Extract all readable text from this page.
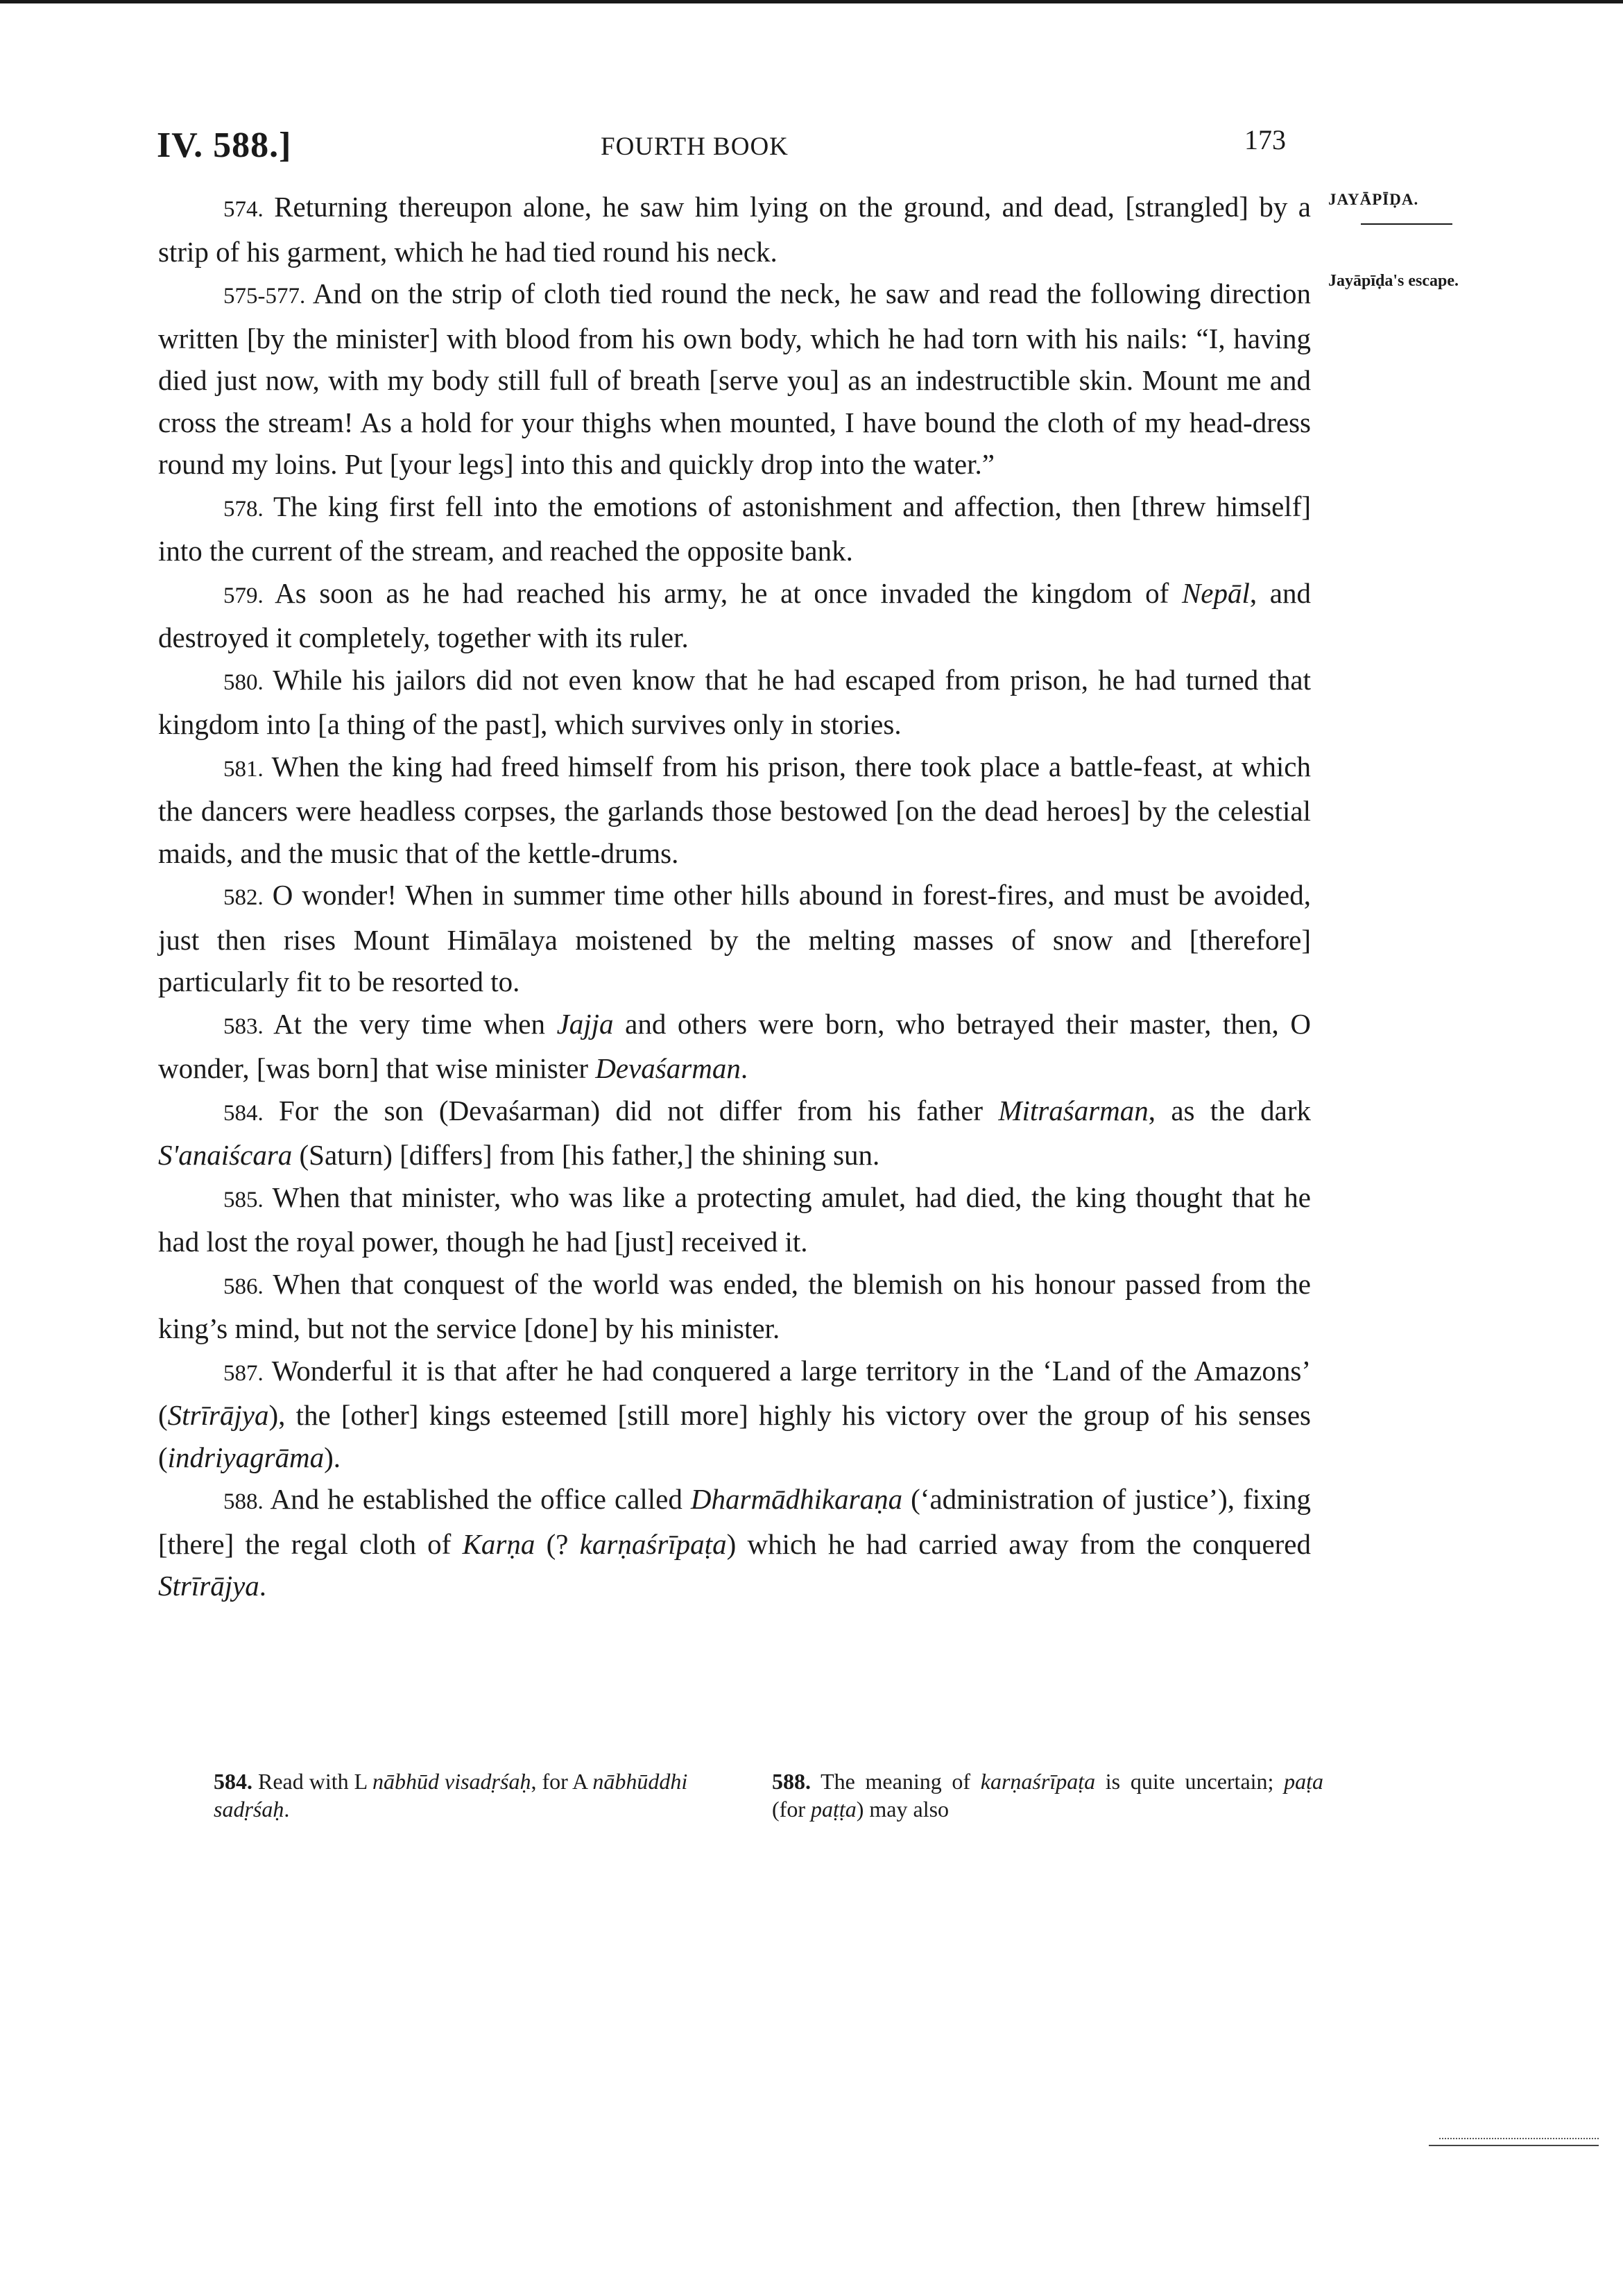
IV. 588.]	FOURTH BOOK	173
JAYĀPĪḌA.
Jayāpīḍa's escape.

574. Returning thereupon alone, he saw him lying on the ground, and dead, [strangled] by a strip of his garment, which he had tied round his neck.

575-577. And on the strip of cloth tied round the neck, he saw and read the following direction written [by the minister] with blood from his own body, which he had torn with his nails: “I, having died just now, with my body still full of breath [serve you] as an indestructible skin. Mount me and cross the stream! As a hold for your thighs when mounted, I have bound the cloth of my head-dress round my loins. Put [your legs] into this and quickly drop into the water.”

578. The king first fell into the emotions of astonishment and affection, then [threw himself] into the current of the stream, and reached the opposite bank.

579. As soon as he had reached his army, he at once invaded the kingdom of Nepāl, and destroyed it completely, together with its ruler.

580. While his jailors did not even know that he had escaped from prison, he had turned that kingdom into [a thing of the past], which survives only in stories.

581. When the king had freed himself from his prison, there took place a battle-feast, at which the dancers were headless corpses, the garlands those bestowed [on the dead heroes] by the celestial maids, and the music that of the kettle-drums.

582. O wonder! When in summer time other hills abound in forest-fires, and must be avoided, just then rises Mount Himālaya moistened by the melting masses of snow and [therefore] particularly fit to be resorted to.

583. At the very time when Jajja and others were born, who betrayed their master, then, O wonder, [was born] that wise minister Devaśarman.

584. For the son (Devaśarman) did not differ from his father Mitraśarman, as the dark S'anaiścara (Saturn) [differs] from [his father,] the shining sun.

585. When that minister, who was like a protecting amulet, had died, the king thought that he had lost the royal power, though he had [just] received it.

586. When that conquest of the world was ended, the blemish on his honour passed from the king’s mind, but not the service [done] by his minister.

587. Wonderful it is that after he had conquered a large territory in the ‘Land of the Amazons’ (Strīrājya), the [other] kings esteemed [still more] highly his victory over the group of his senses (indriyagrāma).

588. And he established the office called Dharmādhikaraṇa (‘administration of justice’), fixing [there] the regal cloth of Karṇa (? karṇaśrīpaṭa) which he had carried away from the conquered Strīrājya.

584. Read with L nābhūd visadṛśaḥ, for A nābhūddhi sadṛśaḥ.
588. The meaning of karṇaśrīpaṭa is quite uncertain; paṭa (for paṭṭa) may also
